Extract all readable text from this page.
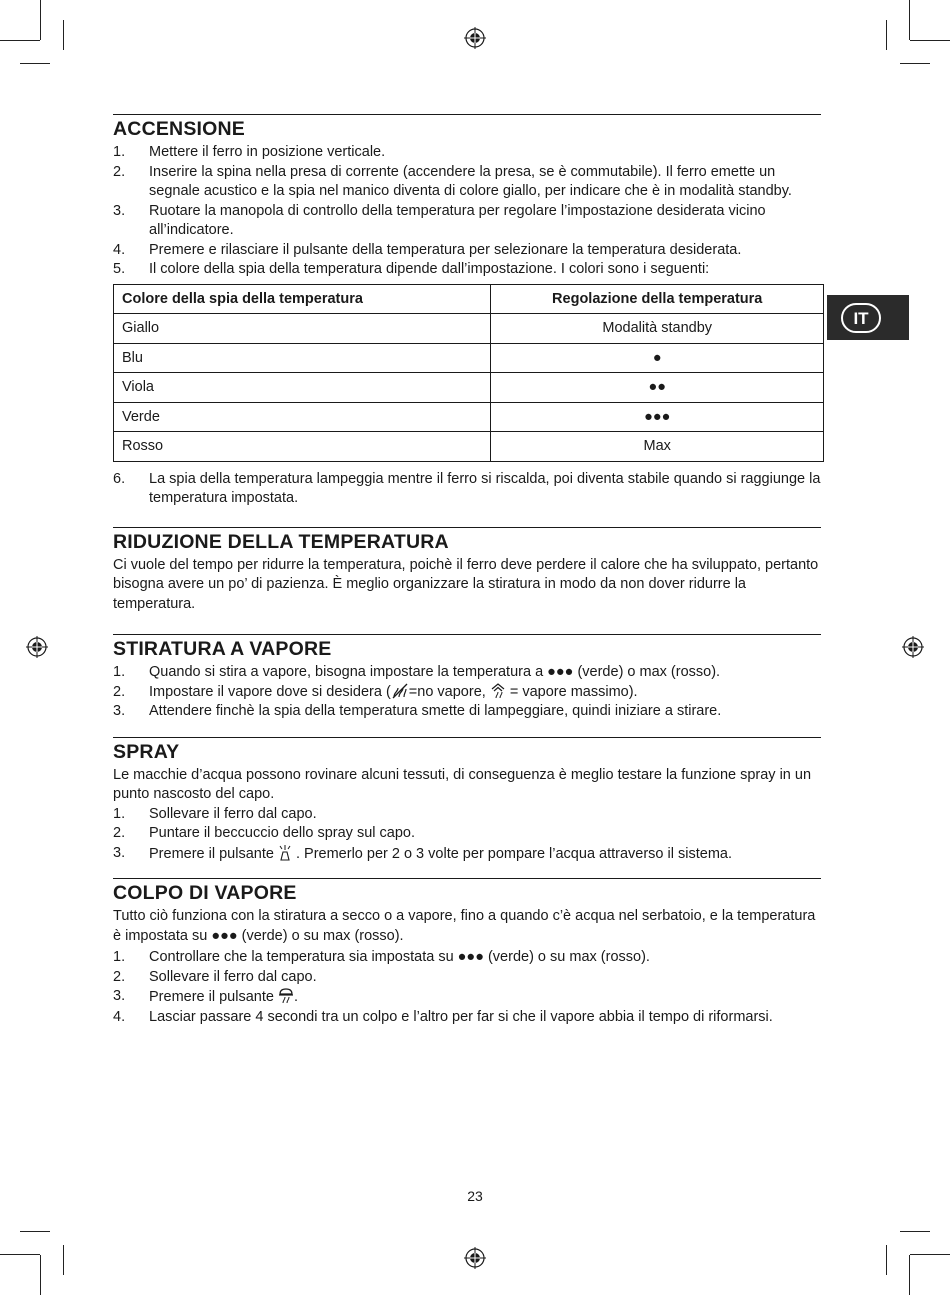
IT
ACCENSIONE
1.	Mettere il ferro in posizione verticale.
2.	Inserire la spina nella presa di corrente (accendere la presa, se è commutabile). Il ferro emette un segnale acustico e la spia nel manico diventa di colore giallo, per indicare che è in modalità standby.
3.	Ruotare la manopola di controllo della temperatura per regolare l’impostazione desiderata vicino all’indicatore.
4.	Premere e rilasciare il pulsante della temperatura per selezionare la temperatura desiderata.
5.	Il colore della spia della temperatura dipende dall’impostazione. I colori sono i seguenti:
Colore della spia della temperatura	Regolazione della temperatura
Giallo	Modalità standby
Blu	●
Viola	●●
Verde	●●●
Rosso	Max
6.	La spia della temperatura lampeggia mentre il ferro si riscalda, poi diventa stabile quando si raggiunge la temperatura impostata.
RIDUZIONE DELLA TEMPERATURA

Ci vuole del tempo per ridurre la temperatura, poichè il ferro deve perdere il calore che ha sviluppato, pertanto bisogna avere un po’ di pazienza. È meglio organizzare la stiratura in modo da non dover ridurre la temperatura.

STIRATURA A VAPORE
1.	Quando si stira a vapore, bisogna impostare la temperatura a ●●● (verde) o max (rosso).
2.	Impostare il vapore dove si desidera ( =no vapore,  = vapore massimo).
3.	Attendere finchè la spia della temperatura smette di lampeggiare, quindi iniziare a stirare.
SPRAY

Le macchie d’acqua possono rovinare alcuni tessuti, di conseguenza è meglio testare la funzione spray in un punto nascosto del capo.

1.	Sollevare il ferro dal capo.
2.	Puntare il beccuccio dello spray sul capo.
3.	Premere il pulsante  . Premerlo per 2 o 3 volte per pompare l’acqua attraverso il sistema.
COLPO DI VAPORE

Tutto ciò funziona con la stiratura a secco o a vapore, fino a quando c’è acqua nel serbatoio, e la temperatura è impostata su ●●● (verde) o su max (rosso).

1.	Controllare che la temperatura sia impostata su ●●● (verde) o su max (rosso).
2.	Sollevare il ferro dal capo.
3.	Premere il pulsante .
4.	Lasciar passare 4 secondi tra un colpo e l’altro per far si che il vapore abbia il tempo di riformarsi.
23
